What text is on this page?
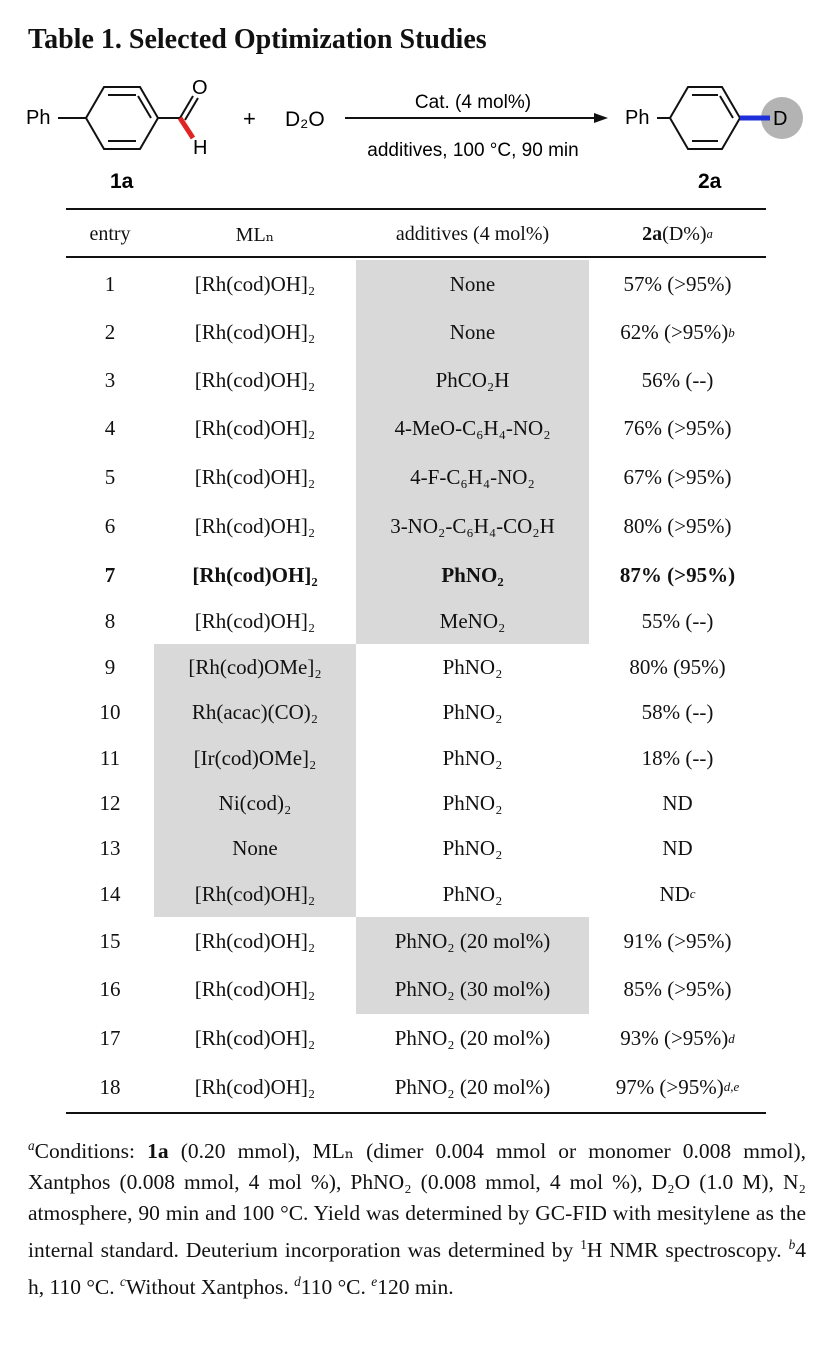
Table 1. Selected Optimization Studies
Ph
O
H
1a
+ D₂O
Cat. (4 mol%)
additives, 100 °C, 90 min
Ph	D
2a
entry	MLₙ	additives (4 mol%)	2a (D%) a
1	[Rh(cod)OH]₂	None	57% (>95%)
2	[Rh(cod)OH]₂	None	62% (>95%) b
3	[Rh(cod)OH]₂	PhCO₂H	56% (--)
4	[Rh(cod)OH]₂	4-MeO-C₆H₄-NO₂	76% (>95%)
5	[Rh(cod)OH]₂	4-F-C₆H₄-NO₂	67% (>95%)
6	[Rh(cod)OH]₂	3-NO₂-C₆H₄-CO₂H	80% (>95%)
7	[Rh(cod)OH]₂	PhNO₂	87% (>95%)
8	[Rh(cod)OH]₂	MeNO₂	55% (--)
9	[Rh(cod)OMe]₂	PhNO₂	80% (95%)
10	Rh(acac)(CO)₂	PhNO₂	58% (--)
11	[Ir(cod)OMe]₂	PhNO₂	18% (--)
12	Ni(cod)₂	PhNO₂	ND
13	None	PhNO₂	ND
14	[Rh(cod)OH]₂	PhNO₂	ND c
15	[Rh(cod)OH]₂	PhNO₂ (20 mol%)	91% (>95%)
16	[Rh(cod)OH]₂	PhNO₂ (30 mol%)	85% (>95%)
17	[Rh(cod)OH]₂	PhNO₂ (20 mol%)	93% (>95%) d
18	[Rh(cod)OH]₂	PhNO₂ (20 mol%)	97% (>95%) d,e
$^a$Conditions: 1a (0.20 mmol), MLₙ (dimer 0.004 mmol or monomer 0.008 mmol), Xantphos (0.008 mmol, 4 mol %), PhNO₂ (0.008 mmol, 4 mol %), D₂O (1.0 M), N₂ atmosphere, 90 min and 100 °C. Yield was determined by GC-FID with mesitylene as the internal standard. Deuterium incorporation was determined by $^1$H NMR spectroscopy. $^b$4 h, 110 °C. $^c$Without Xantphos. $^d$110 °C. $^e$120 min.
